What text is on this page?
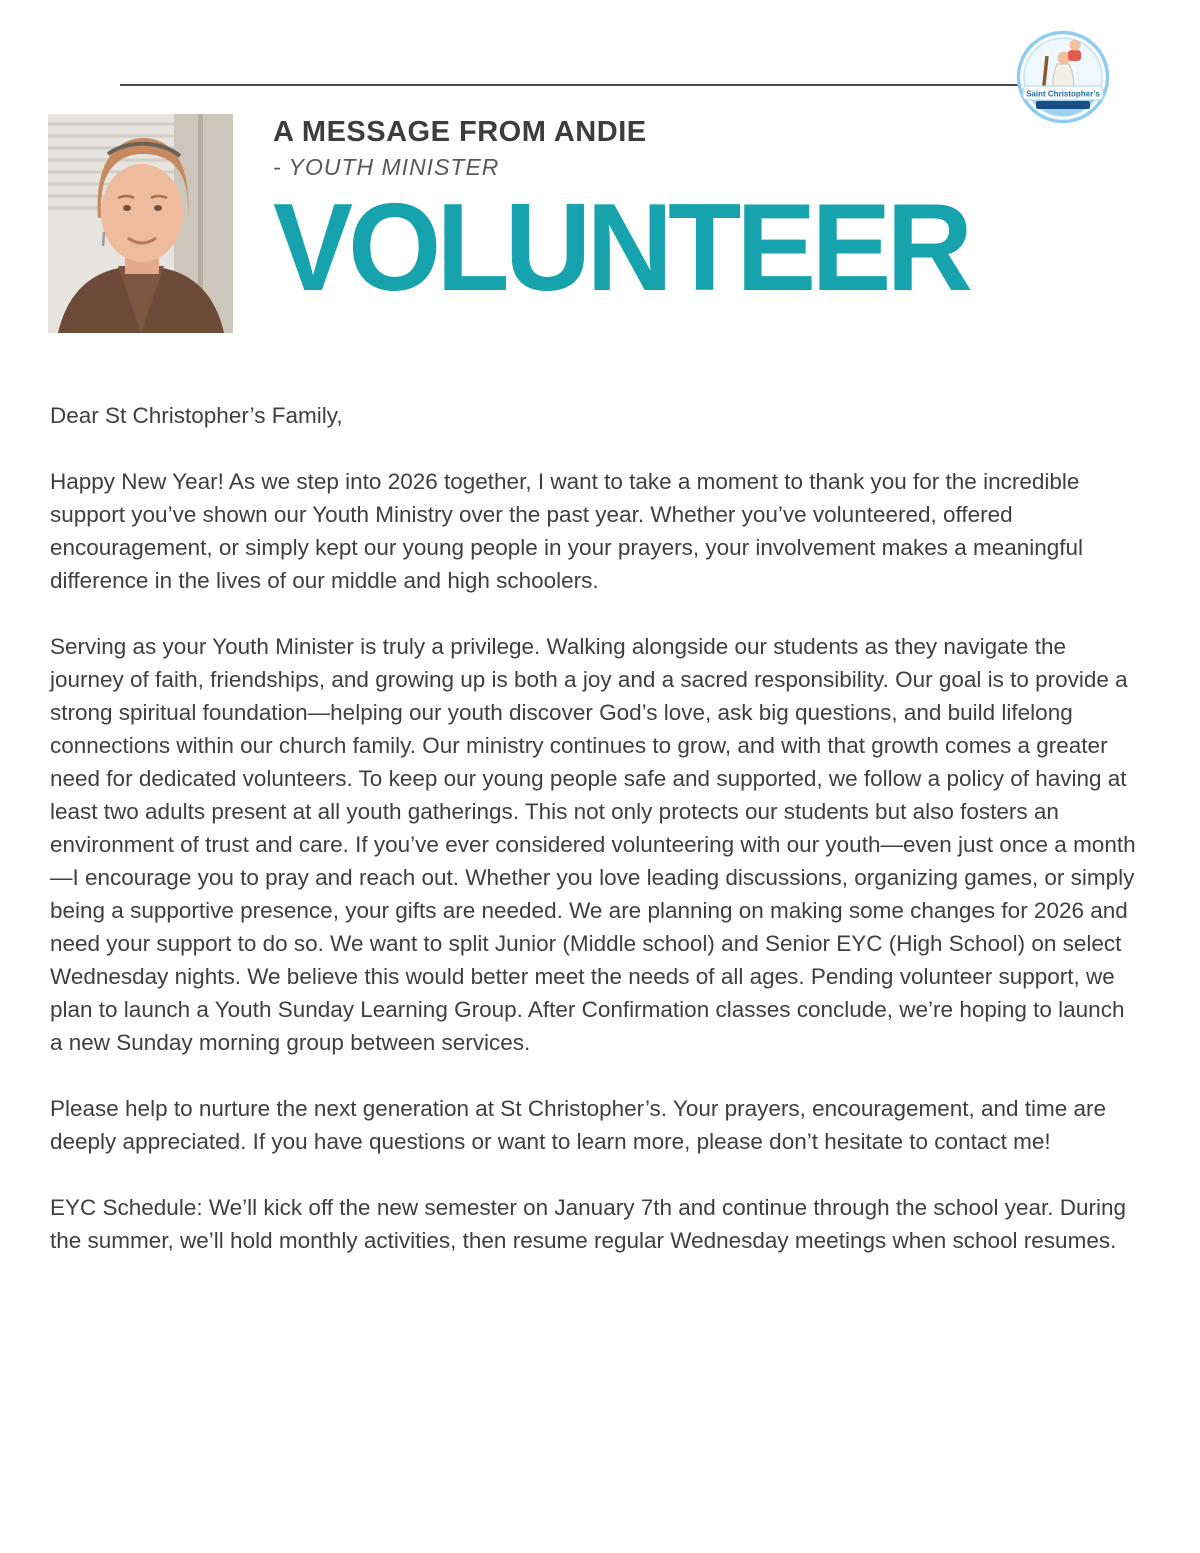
Saint Christopher’s
A MESSAGE FROM ANDIE
- YOUTH MINISTER
VOLUNTEER

Dear St Christopher’s Family,

Happy New Year! As we step into 2026 together, I want to take a moment to thank you for the incredible support you’ve shown our Youth Ministry over the past year. Whether you’ve volunteered, offered encouragement, or simply kept our young people in your prayers, your involvement makes a meaningful difference in the lives of our middle and high schoolers.

Serving as your Youth Minister is truly a privilege. Walking alongside our students as they navigate the journey of faith, friendships, and growing up is both a joy and a sacred responsibility. Our goal is to provide a strong spiritual foundation—helping our youth discover God’s love, ask big questions, and build lifelong connections within our church family. Our ministry continues to grow, and with that growth comes a greater need for dedicated volunteers. To keep our young people safe and supported, we follow a policy of having at least two adults present at all youth gatherings. This not only protects our students but also fosters an environment of trust and care. If you’ve ever considered volunteering with our youth—even just once a month—I encourage you to pray and reach out. Whether you love leading discussions, organizing games, or simply being a supportive presence, your gifts are needed. We are planning on making some changes for 2026 and need your support to do so. We want to split Junior (Middle school) and Senior EYC (High School) on select Wednesday nights. We believe this would better meet the needs of all ages. Pending volunteer support, we plan to launch a Youth Sunday Learning Group. After Confirmation classes conclude, we’re hoping to launch a new Sunday morning group between services.

Please help to nurture the next generation at St Christopher’s. Your prayers, encouragement, and time are deeply appreciated. If you have questions or want to learn more, please don’t hesitate to contact me!

EYC Schedule: We’ll kick off the new semester on January 7th and continue through the school year. During the summer, we’ll hold monthly activities, then resume regular Wednesday meetings when school resumes.
